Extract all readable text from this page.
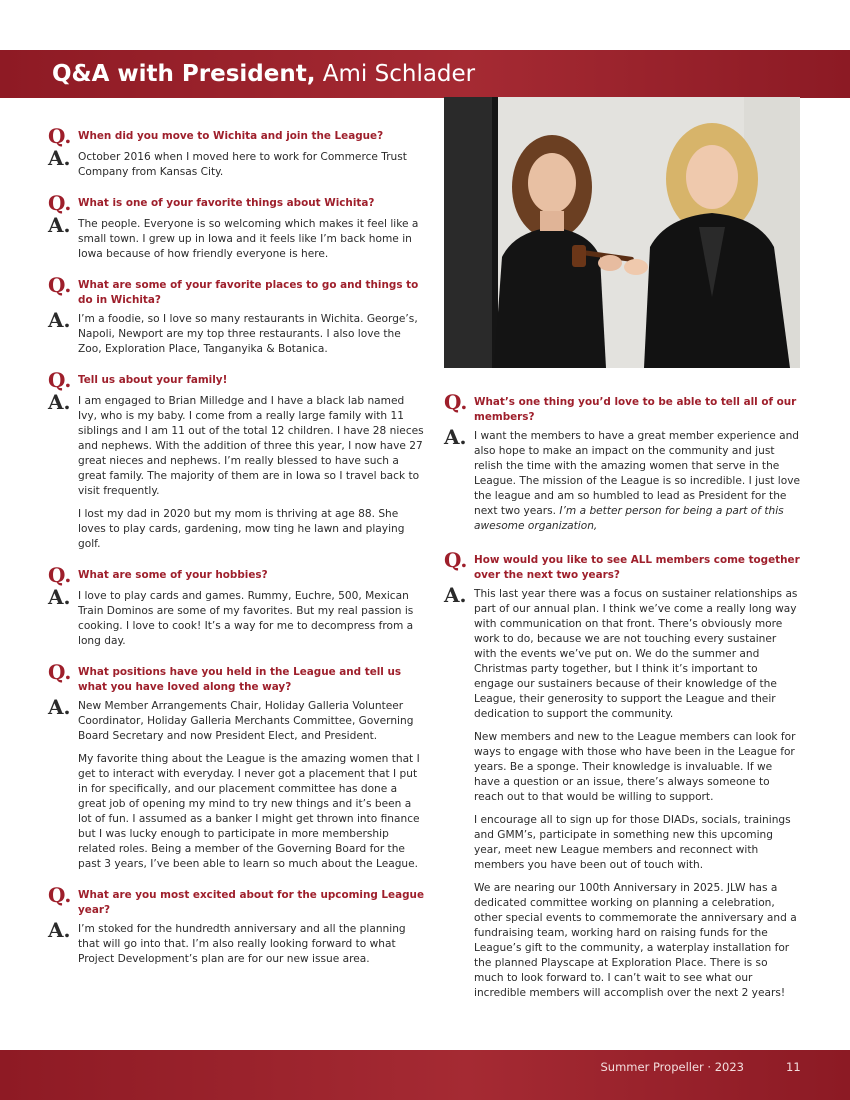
Q&A with President, Ami Schlader
Q. When did you move to Wichita and join the League?
A. October 2016 when I moved here to work for Commerce Trust Company from Kansas City.

Q. What is one of your favorite things about Wichita?
A. The people. Everyone is so welcoming which makes it feel like a small town. I grew up in Iowa and it feels like I’m back home in Iowa because of how friendly everyone is here.

Q. What are some of your favorite places to go and things to do in Wichita?
A. I’m a foodie, so I love so many restaurants in Wichita. George’s, Napoli, Newport are my top three restaurants. I also love the Zoo, Exploration Place, Tanganyika & Botanica.

Q. Tell us about your family!
A. I am engaged to Brian Milledge and I have a black lab named Ivy, who is my baby. I come from a really large family with 11 siblings and I am 11 out of the total 12 children. I have 28 nieces and nephews. With the addition of three this year, I now have 27 great nieces and nephews. I’m really blessed to have such a great family. The majority of them are in Iowa so I travel back to visit frequently.

I lost my dad in 2020 but my mom is thriving at age 88. She loves to play cards, gardening, mow ting he lawn and playing golf.

Q. What are some of your hobbies?
A. I love to play cards and games. Rummy, Euchre, 500, Mexican Train Dominos are some of my favorites. But my real passion is cooking. I love to cook! It’s a way for me to decompress from a long day.

Q. What positions have you held in the League and tell us what you have loved along the way?
A. New Member Arrangements Chair, Holiday Galleria Volunteer Coordinator, Holiday Galleria Merchants Committee, Governing Board Secretary and now President Elect, and President.

My favorite thing about the League is the amazing women that I get to interact with everyday. I never got a placement that I put in for specifically, and our placement committee has done a great job of opening my mind to try new things and it’s been a lot of fun. I assumed as a banker I might get thrown into finance but I was lucky enough to participate in more membership related roles. Being a member of the Governing Board for the past 3 years, I’ve been able to learn so much about the League.

Q. What are you most excited about for the upcoming League year?
A. I’m stoked for the hundredth anniversary and all the planning that will go into that. I’m also really looking forward to what Project Development’s plan are for our new issue area.

Q. What’s one thing you’d love to be able to tell all of our members?
A. I want the members to have a great member experience and also hope to make an impact on the community and just relish the time with the amazing women that serve in the League. The mission of the League is so incredible. I just love the league and am so humbled to lead as President for the next two years. I’m a better person for being a part of this awesome organization,

Q. How would you like to see ALL members come together over the next two years?
A. This last year there was a focus on sustainer relationships as part of our annual plan. I think we’ve come a really long way with communication on that front. There’s obviously more work to do, because we are not touching every sustainer with the events we’ve put on. We do the summer and Christmas party together, but I think it’s important to engage our sustainers because of their knowledge of the League, their generosity to support the League and their dedication to support the community.

New members and new to the League members can look for ways to engage with those who have been in the League for years. Be a sponge. Their knowledge is invaluable. If we have a question or an issue, there’s always someone to reach out to that would be willing to support.

I encourage all to sign up for those DIADs, socials, trainings and GMM’s, participate in something new this upcoming year, meet new League members and reconnect with members you have been out of touch with.

We are nearing our 100th Anniversary in 2025. JLW has a dedicated committee working on planning a celebration, other special events to commemorate the anniversary and a fundraising team, working hard on raising funds for the League’s gift to the community, a waterplay installation for the planned Playscape at Exploration Place. There is so much to look forward to. I can’t wait to see what our incredible members will accomplish over the next 2 years!

Summer Propeller · 2023	11
